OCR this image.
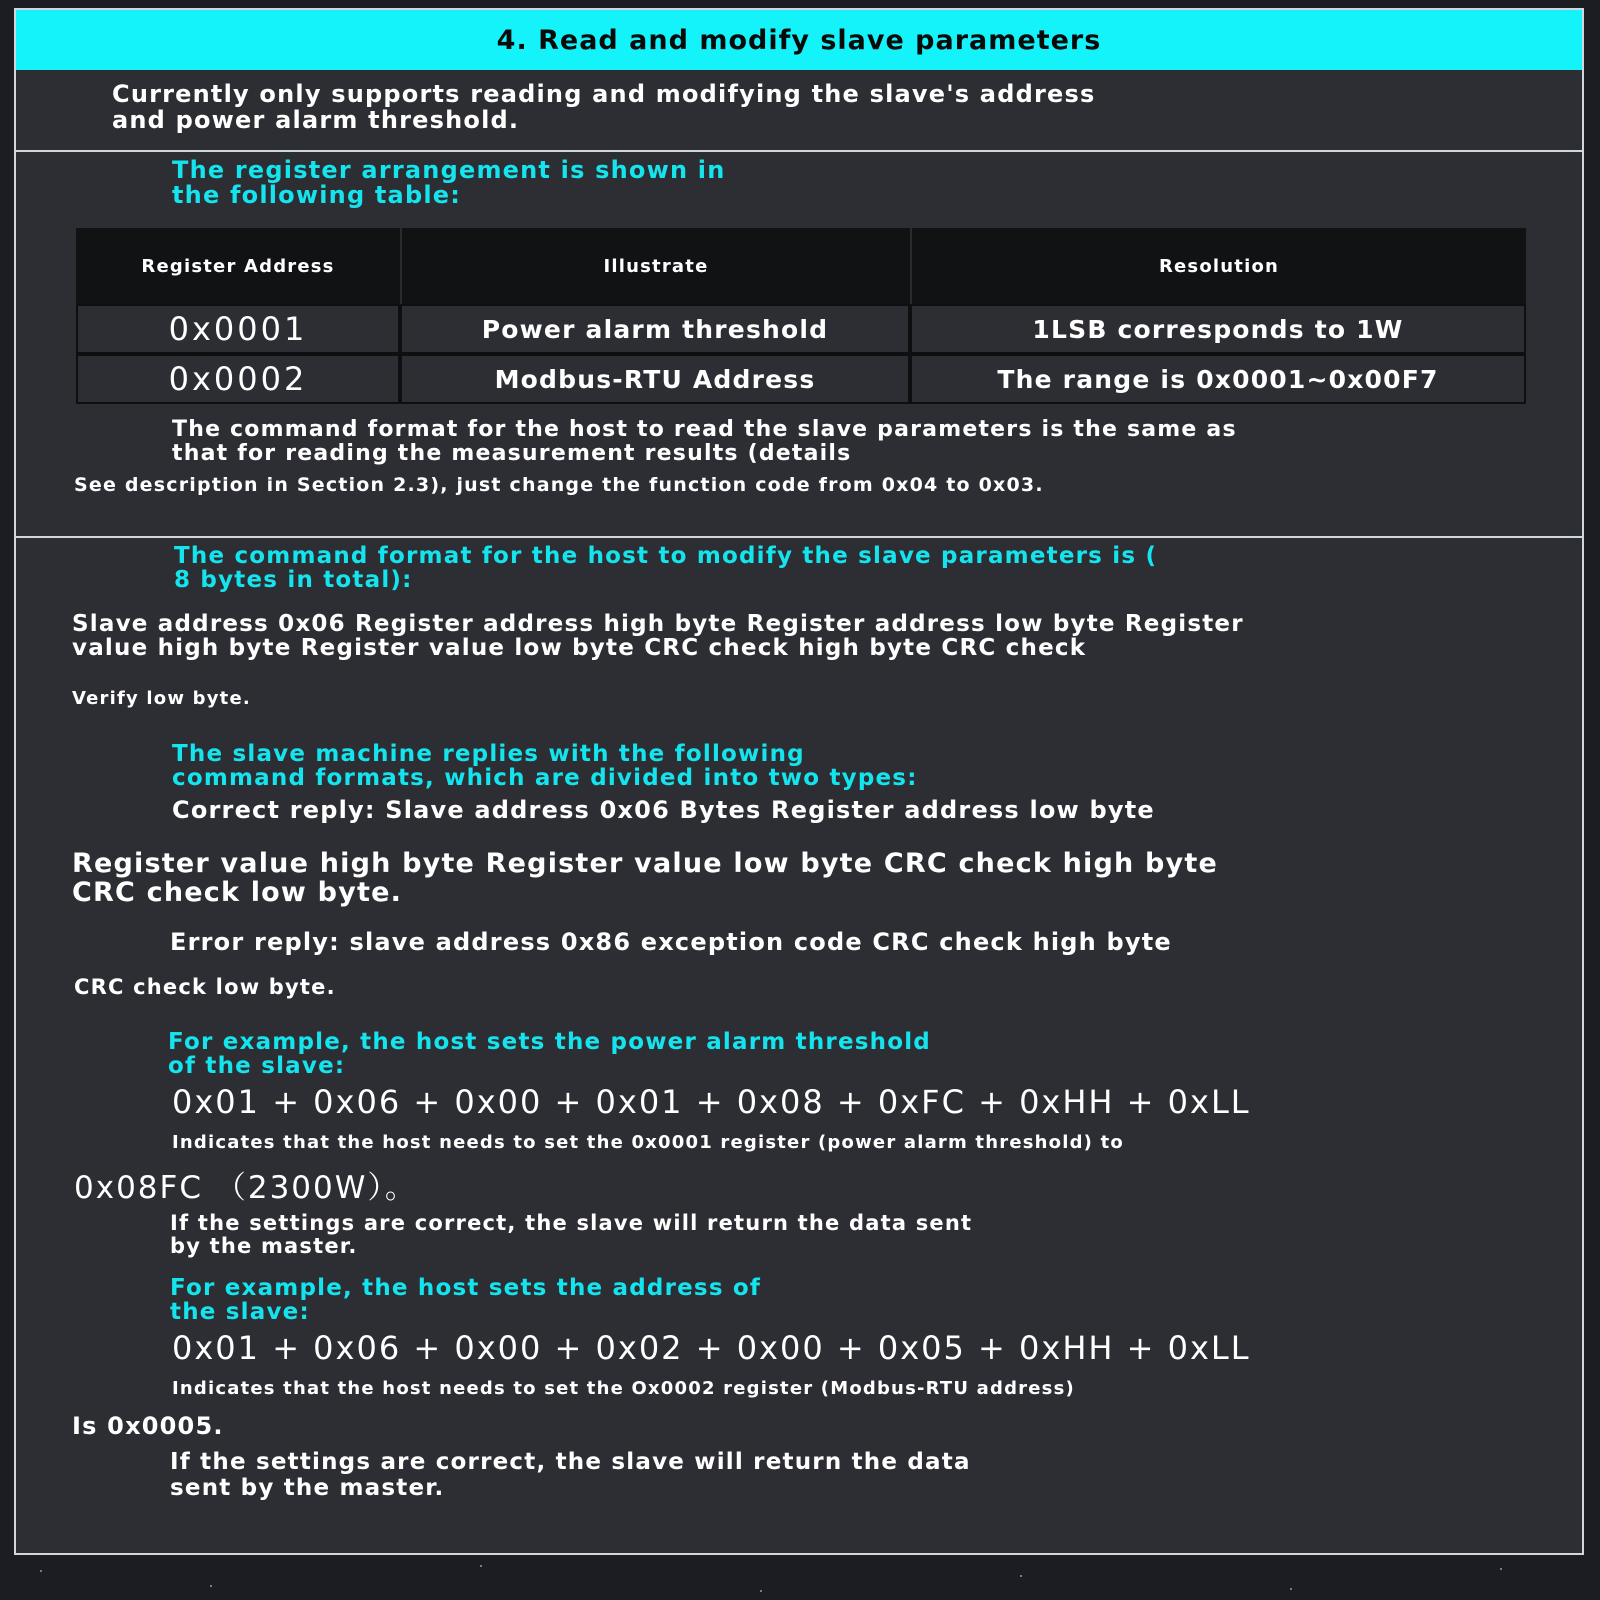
4. Read and modify slave parameters
Currently only supports reading and modifying the slave's address
and power alarm threshold.
The register arrangement is shown in
the following table:
Register Address	Illustrate	Resolution
0x0001	Power alarm threshold	1LSB corresponds to 1W
0x0002	Modbus-RTU Address	The range is 0x0001~0x00F7
The command format for the host to read the slave parameters is the same as
that for reading the measurement results (details
See description in Section 2.3), just change the function code from 0x04 to 0x03.
The command format for the host to modify the slave parameters is (
8 bytes in total):
Slave address 0x06 Register address high byte Register address low byte Register
value high byte Register value low byte CRC check high byte CRC check
Verify low byte.
The slave machine replies with the following
command formats, which are divided into two types:
Correct reply: Slave address 0x06 Bytes Register address low byte
Register value high byte Register value low byte CRC check high byte
CRC check low byte.
Error reply: slave address 0x86 exception code CRC check high byte
CRC check low byte.
For example, the host sets the power alarm threshold
of the slave:
0x01 + 0x06 + 0x00 + 0x01 + 0x08 + 0xFC + 0xHH + 0xLL
Indicates that the host needs to set the 0x0001 register (power alarm threshold) to
0x08FC （2300W）。
If the settings are correct, the slave will return the data sent
by the master.
For example, the host sets the address of
the slave:
0x01 + 0x06 + 0x00 + 0x02 + 0x00 + 0x05 + 0xHH + 0xLL
Indicates that the host needs to set the Ox0002 register (Modbus-RTU address)
Is 0x0005.
If the settings are correct, the slave will return the data
sent by the master.
